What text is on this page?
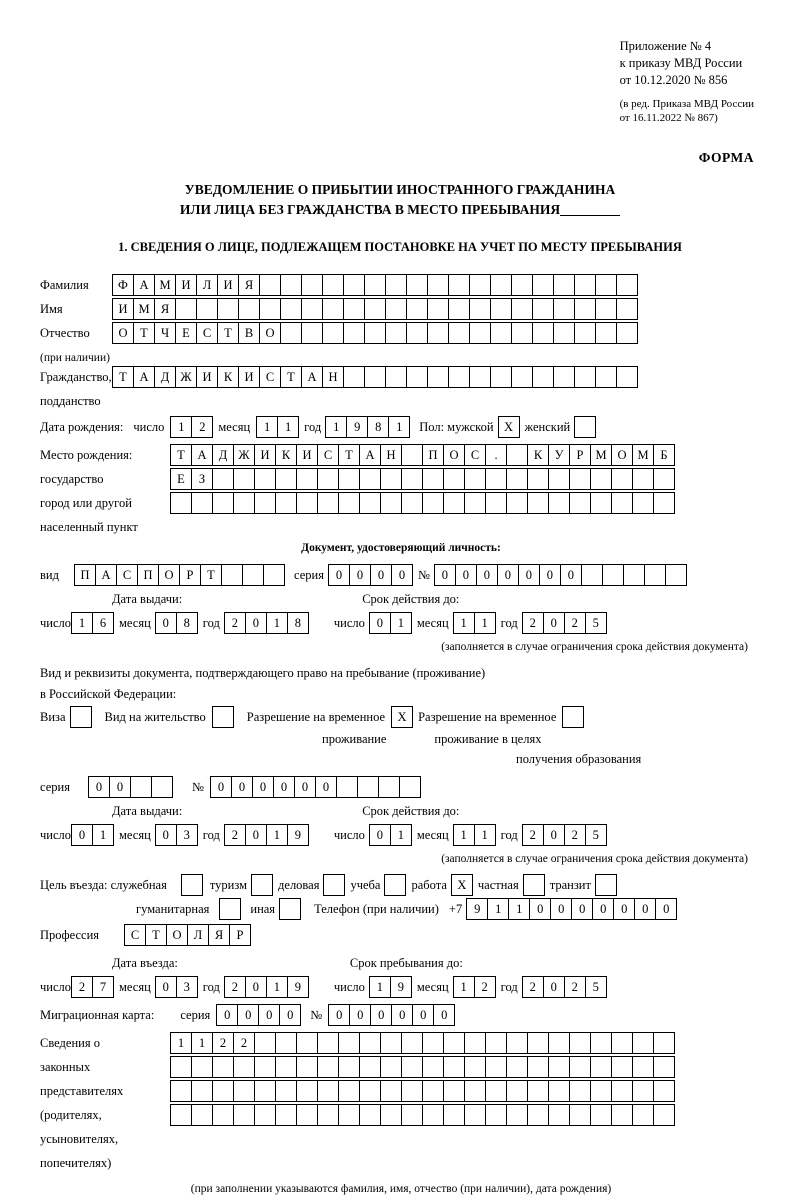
Приложение № 4
к приказу МВД России
от 10.12.2020 № 856
(в ред. Приказа МВД России
от 16.11.2022 № 867)
ФОРМА
УВЕДОМЛЕНИЕ О ПРИБЫТИИ ИНОСТРАННОГО ГРАЖДАНИНА
ИЛИ ЛИЦА БЕЗ ГРАЖДАНСТВА В МЕСТО ПРЕБЫВАНИЯ
1. СВЕДЕНИЯ О ЛИЦЕ, ПОДЛЕЖАЩЕМ ПОСТАНОВКЕ НА УЧЕТ ПО МЕСТУ ПРЕБЫВАНИЯ
Фамилия	Ф А М И Л И Я
Имя	И М Я
Отчество	О	Т	Ч	Е	С	Т	В О
(при наличии)
Гражданство, Т	А Д Ж И К И С	Т	А Н
подданство
Дата рождения: число	1	2	месяц	1	1	год 1	9	8	1	Пол: мужской X женский
Место рождения:	Т	А Д Ж И К И С	Т	А Н	П О С	.	К У	Р М О М Б
государство	Е	З
город или другой
населенный пункт
Документ, удостоверяющий личность:
вид	П А С П О	Р	Т	серия 0	0	0	0	№ 0	0	0	0	0	0	0
Дата выдачи:	Срок действия до:
число 1	6	месяц 0	8	год 2	0	1	8	число 0	1	месяц 1	1	год 2	0	2	5
(заполняется в случае ограничения срока действия документа)
Вид и реквизиты документа, подтверждающего право на пребывание (проживание)
в Российской Федерации:
Виза	Вид на жительство	Разрешение на временное X Разрешение на временное
проживание	проживание в целях
получения образования
серия	0	0	№	0	0	0	0	0	0
Дата выдачи:	Срок действия до:
число 0	1	месяц 0	3	год 2	0	1	9	число 0	1	месяц 1	1	год 2	0	2	5
(заполняется в случае ограничения срока действия документа)
Цель въезда: служебная	туризм деловая учеба работа X частная транзит
гуманитарная	иная	Телефон (при наличии) +7 9	1	1	0	0	0	0	0	0	0
Профессия	С	Т	О Л	Я	Р
Дата въезда:	Срок пребывания до:
число 2	7	месяц 0	3	год 2	0	1	9	число 1	9	месяц 1	2	год 2	0	2	5
Миграционная карта: серия	0	0	0	0	№	0	0	0	0	0	0
Сведения о	1	1	2	2
законных
представителях
(родителях,
усыновителях,
попечителях)
(при заполнении указываются фамилия, имя, отчество (при наличии), дата рождения)
